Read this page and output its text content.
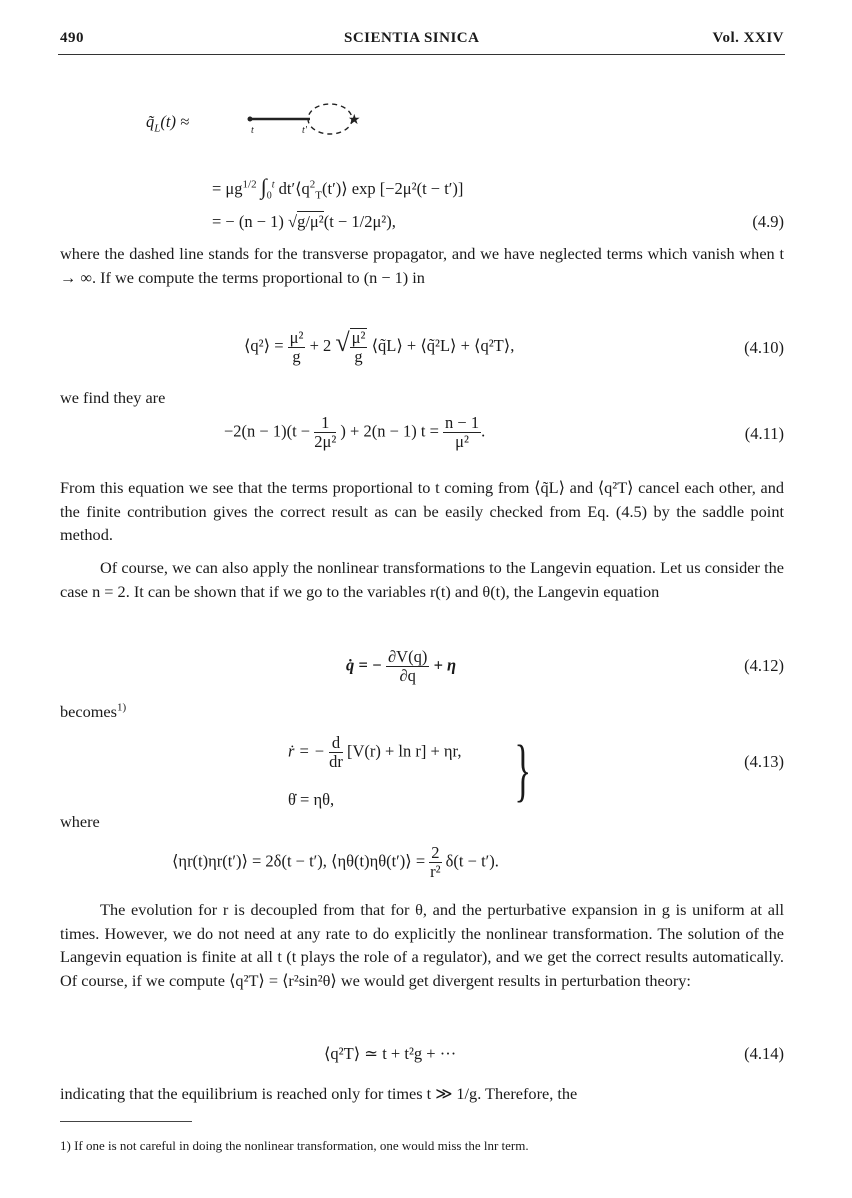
490	SCIENTIA SINICA	Vol. XXIV
$q̃_L(t)$ ≈	★
t	t'
= $\mu g^{1/2}$ $\int_0^t$ $dt'⟨q^2_T(t')⟩$ exp [−2μ²(t − t′)]
= − (n − 1) √g/μ²(t − 1/2μ²),	(4.9)
where the dashed line stands for the transverse propagator, and we have neglected terms which vanish when t → ∞. If we compute the terms proportional to (n − 1) in
⟨q²⟩ = $\frac{\text{μ²}}{g} + 2$ √ $\frac{\text{μ²}}{g}$ ⟨q̃L⟩ + ⟨q̃²L⟩ + ⟨q²T⟩,	(4.10)
we find they are
$-2(n - 1)(t - \frac{1}{\text{2μ²}}$ ) + 2(n − 1) $t = \frac{n - 1}{\text{μ²}}$ .	(4.11)
From this equation we see that the terms proportional to t coming from ⟨q̃L⟩ and ⟨q²T⟩ cancel each other, and the finite contribution gives the correct result as can be easily checked from Eq. (4.5) by the saddle point method.
Of course, we can also apply the nonlinear transformations to the Langevin equation. Let us consider the case n = 2. It can be shown that if we go to the variables r(t) and θ(t), the Langevin equation
q̇ = − $\frac{\partial V(q)}{\partial q} + \eta$	(4.12)
becomes$^{1)}$
ṙ = − $\frac{d}{dr} [V(r) + \ln r] + \eta r$,
θ̇ = ηθ,	}	(4.13)
where
⟨ηr(t)ηr(t′)⟩ = 2δ(t − t′), ⟨ηθ(t)ηθ(t′)⟩ = $\frac{2}{\text{r²}} \delta(t - t')$.
The evolution for r is decoupled from that for θ, and the perturbative expansion in g is uniform at all times. However, we do not need at any rate to do explicitly the nonlinear transformation. The solution of the Langevin equation is finite at all t (t plays the role of a regulator), and we get the correct results automatically. Of course, if we compute ⟨q²T⟩ = ⟨r²sin²θ⟩ we would get divergent results in perturbation theory:
⟨q²T⟩ ≃ t + t²g + ···	(4.14)
indicating that the equilibrium is reached only for times t ≫ 1/g. Therefore, the
1) If one is not careful in doing the nonlinear transformation, one would miss the lnr term.
